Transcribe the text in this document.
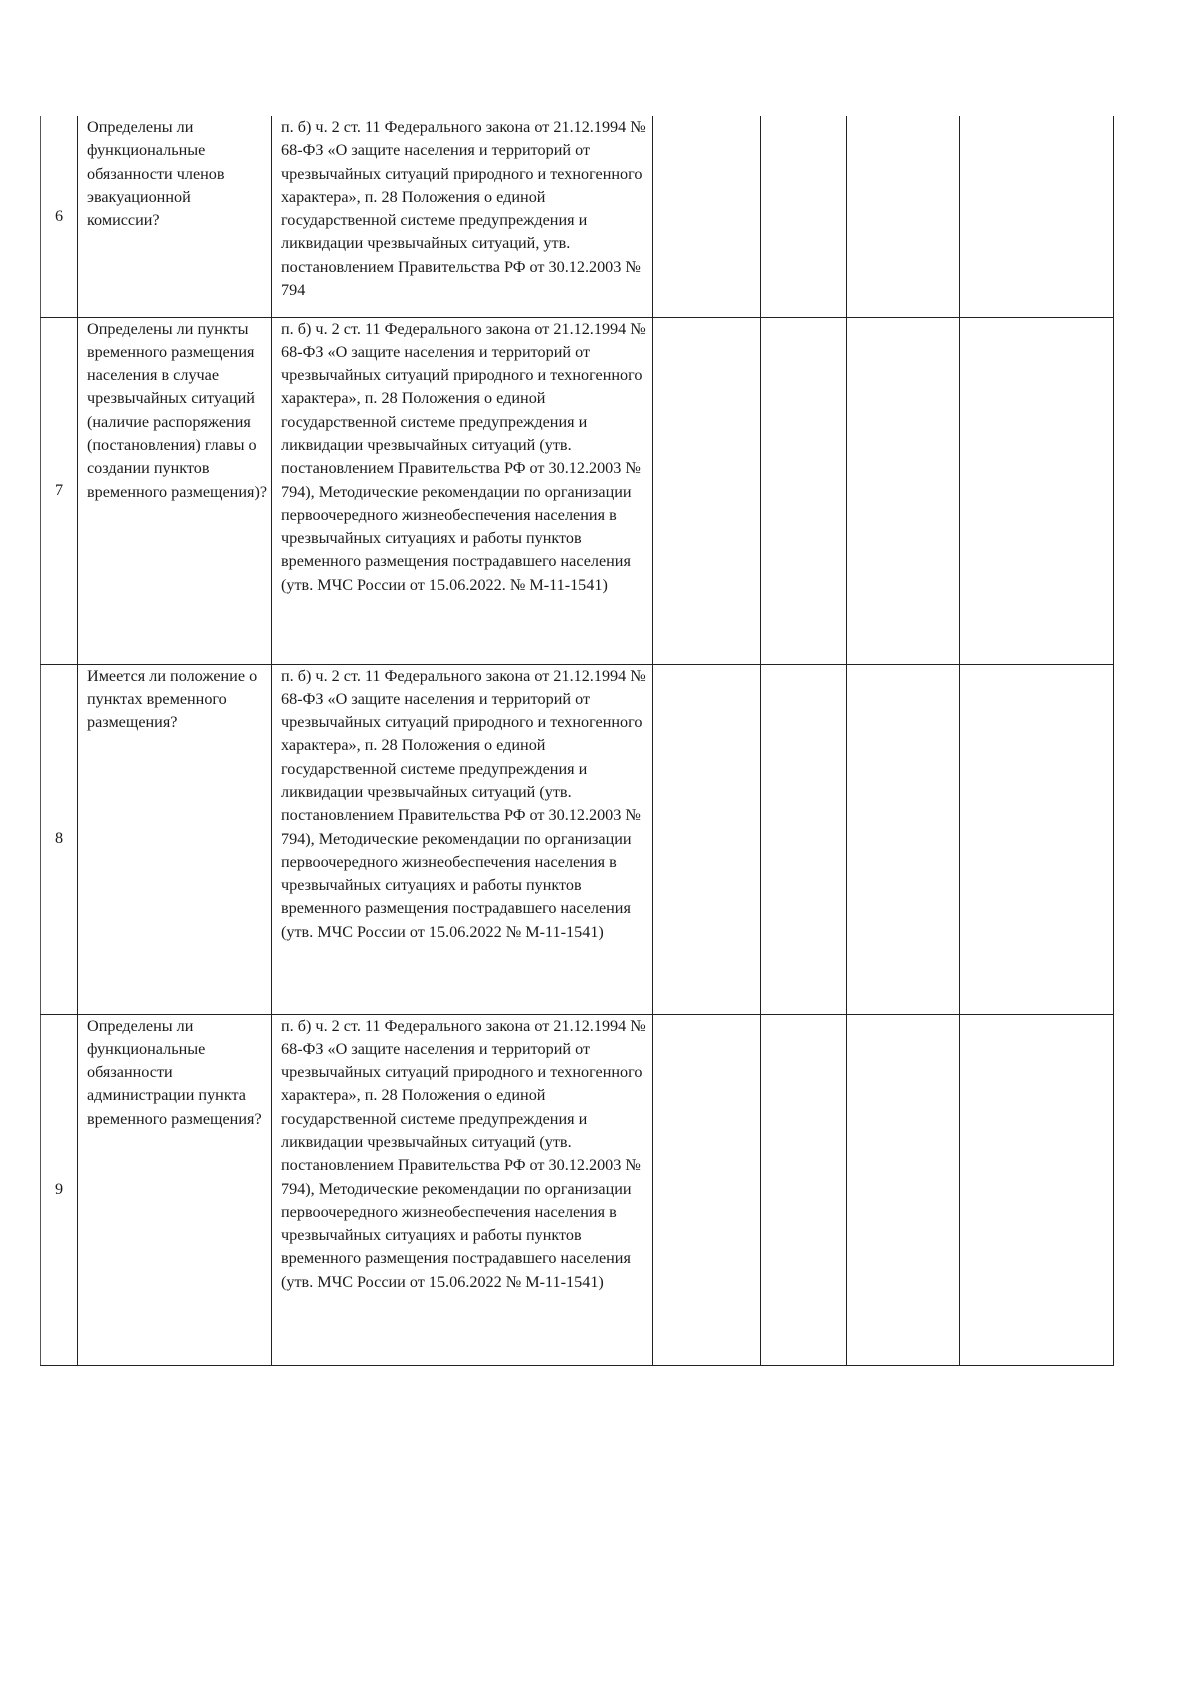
6	Определены ли функциональные обязанности членов эвакуационной комиссии?	п. б) ч. 2 ст. 11 Федерального закона от 21.12.1994 № 68-ФЗ «О защите населения и территорий от чрезвычайных ситуаций природного и техногенного характера», п. 28 Положения о единой государственной системе предупреждения и ликвидации чрезвычайных ситуаций, утв. постановлением Правительства РФ от 30.12.2003 № 794				

7	Определены ли пункты временного размещения населения в случае чрезвычайных ситуаций (наличие распоряжения (постановления) главы о создании пунктов временного размещения)?	п. б) ч. 2 ст. 11 Федерального закона от 21.12.1994 № 68-ФЗ «О защите населения и территорий от чрезвычайных ситуаций природного и техногенного характера», п. 28 Положения о единой государственной системе предупреждения и ликвидации чрезвычайных ситуаций (утв. постановлением Правительства РФ от 30.12.2003 № 794), Методические рекомендации по организации первоочередного жизнеобеспечения населения в чрезвычайных ситуациях и работы пунктов временного размещения пострадавшего населения (утв. МЧС России от 15.06.2022. № М-11-1541)				

8	Имеется ли положение о пунктах временного размещения?	п. б) ч. 2 ст. 11 Федерального закона от 21.12.1994 № 68-ФЗ «О защите населения и территорий от чрезвычайных ситуаций природного и техногенного характера», п. 28 Положения о единой государственной системе предупреждения и ликвидации чрезвычайных ситуаций (утв. постановлением Правительства РФ от 30.12.2003 № 794), Методические рекомендации по организации первоочередного жизнеобеспечения населения в чрезвычайных ситуациях и работы пунктов временного размещения пострадавшего населения (утв. МЧС России от 15.06.2022 № М-11-1541)				

9	Определены ли функциональные обязанности администрации пункта временного размещения?	п. б) ч. 2 ст. 11 Федерального закона от 21.12.1994 № 68-ФЗ «О защите населения и территорий от чрезвычайных ситуаций природного и техногенного характера», п. 28 Положения о единой государственной системе предупреждения и ликвидации чрезвычайных ситуаций (утв. постановлением Правительства РФ от 30.12.2003 № 794), Методические рекомендации по организации первоочередного жизнеобеспечения населения в чрезвычайных ситуациях и работы пунктов временного размещения пострадавшего населения (утв. МЧС России от 15.06.2022 № М-11-1541)				
